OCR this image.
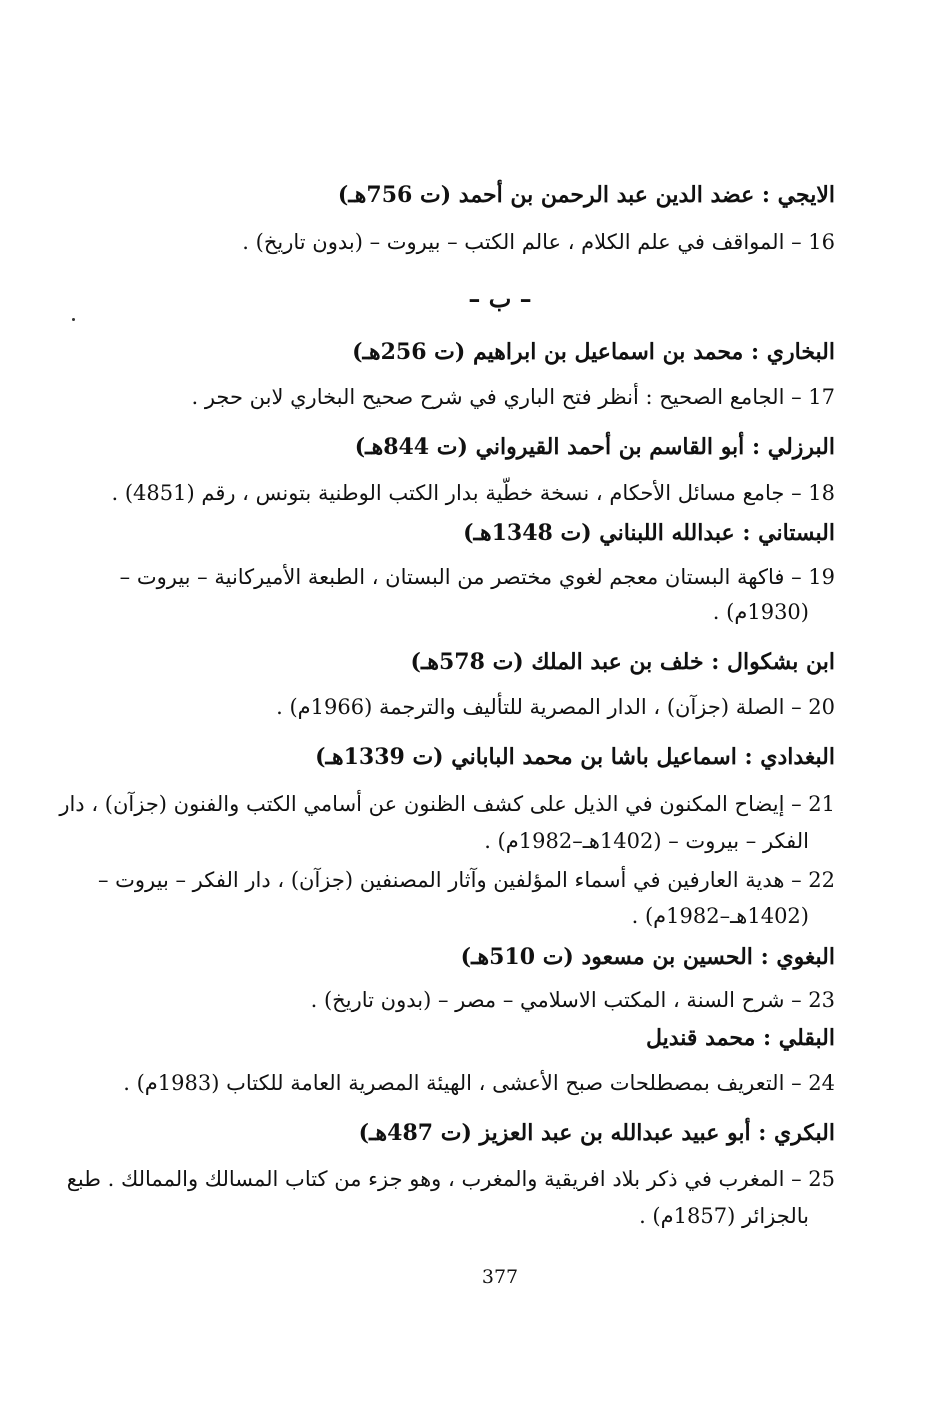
الايجي : عضد الدين عبد الرحمن بن أحمد (ت 756هـ)
16 – المواقف في علم الكلام ، عالم الكتب – بيروت – (بدون تاريخ) .
– ب –
البخاري : محمد بن اسماعيل بن ابراهيم (ت 256هـ)
17 – الجامع الصحيح : أنظر فتح الباري في شرح صحيح البخاري لابن حجر .
البرزلي : أبو القاسم بن أحمد القيرواني (ت 844هـ)
18 – جامع مسائل الأحكام ، نسخة خطّية بدار الكتب الوطنية بتونس ، رقم (4851) .
البستاني : عبدالله اللبناني (ت 1348هـ)
19 – فاكهة البستان معجم لغوي مختصر من البستان ، الطبعة الأميركانية – بيروت –
(1930م) .
ابن بشكوال : خلف بن عبد الملك (ت 578هـ)
20 – الصلة (جزآن) ، الدار المصرية للتأليف والترجمة (1966م) .
البغدادي : اسماعيل باشا بن محمد الباباني (ت 1339هـ)
21 – إيضاح المكنون في الذيل على كشف الظنون عن أسامي الكتب والفنون (جزآن) ، دار
الفكر – بيروت – (1402هـ–1982م) .
22 – هدية العارفين في أسماء المؤلفين وآثار المصنفين (جزآن) ، دار الفكر – بيروت –
(1402هـ–1982م) .
البغوي : الحسين بن مسعود (ت 510هـ)
23 – شرح السنة ، المكتب الاسلامي – مصر – (بدون تاريخ) .
البقلي : محمد قنديل
24 – التعريف بمصطلحات صبح الأعشى ، الهيئة المصرية العامة للكتاب (1983م) .
البكري : أبو عبيد عبدالله بن عبد العزيز (ت 487هـ)
25 – المغرب في ذكر بلاد افريقية والمغرب ، وهو جزء من كتاب المسالك والممالك . طبع
بالجزائر (1857م) .
377
